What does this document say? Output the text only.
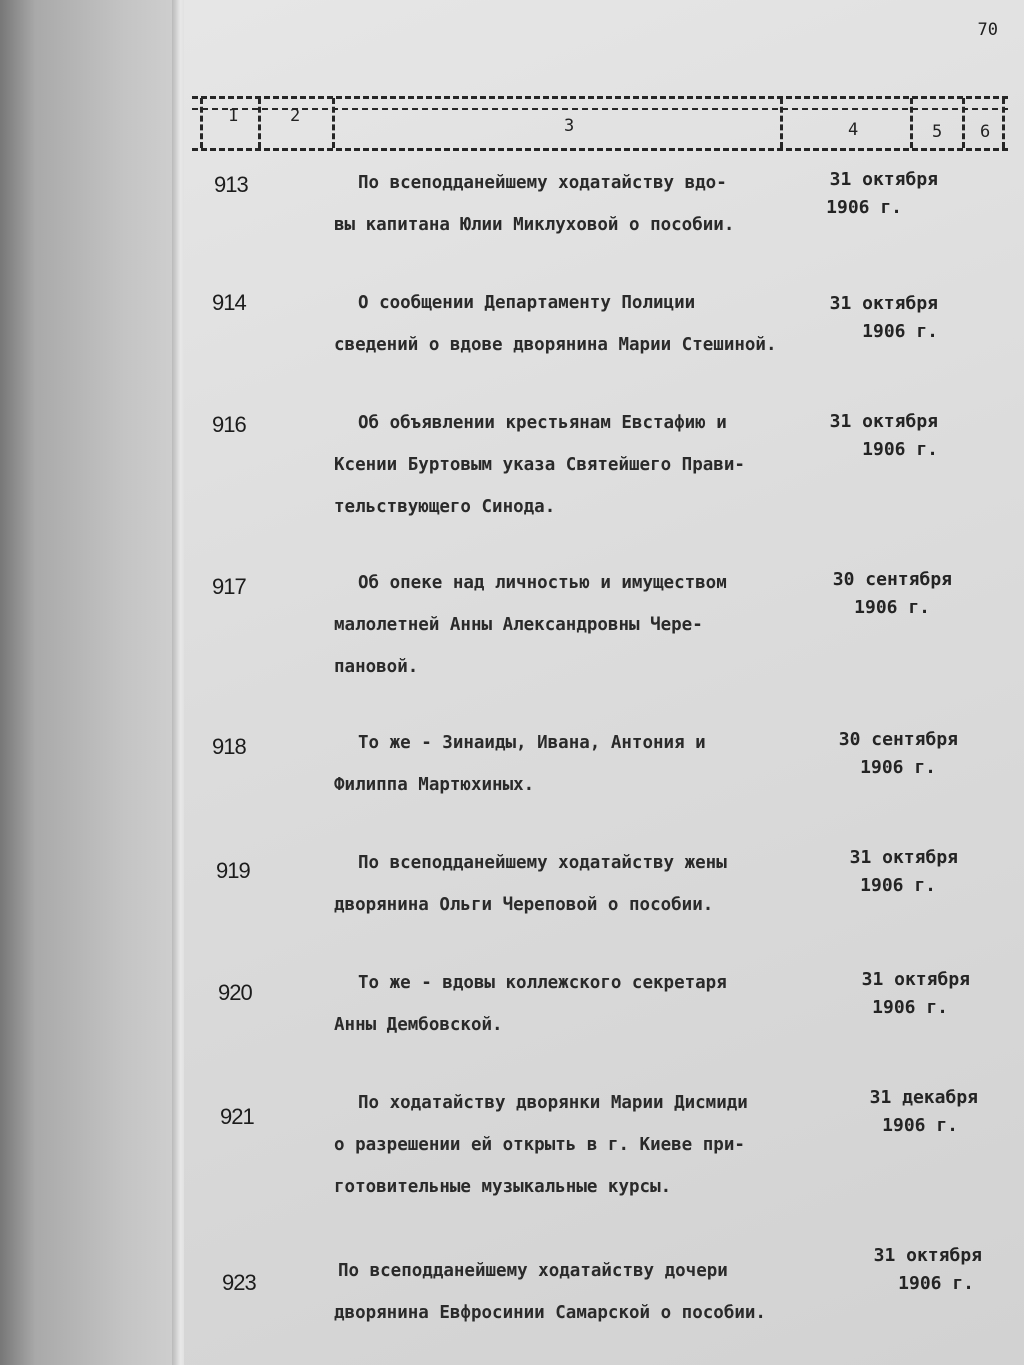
70
1	2	3	4	5 6
913	По всеподданейшему ходатайству вдо-
вы капитана Юлии Миклуховой о пособии.
31 октября
1906 г.
914	О сообщении Департаменту Полиции
сведений о вдове дворянина Марии Стешиной.
31 октября
1906 г.
916	Об объявлении крестьянам Евстафию и
Ксении Буртовым указа Святейшего Прави-
тельствующего Синода.
31 октября
1906 г.
917	Об опеке над личностью и имуществом
малолетней Анны Александровны Чере-
пановой.
30 сентября
1906 г.
918	То же - Зинаиды, Ивана, Антония и
Филиппа Мартюхиных.
30 сентября
1906 г.
919	По всеподданейшему ходатайству жены
дворянина Ольги Череповой о пособии.
31 октября
1906 г.
920	То же - вдовы коллежского секретаря
Анны Дембовской.
31 октября
1906 г.
921
По ходатайству дворянки Марии Дисмиди
о разрешении ей открыть в г. Киеве при-
готовительные музыкальные курсы.
31 декабря
1906 г.
923	По всеподданейшему ходатайству дочери
дворянина Евфросинии Самарской о пособии.
31 октября
1906 г.
